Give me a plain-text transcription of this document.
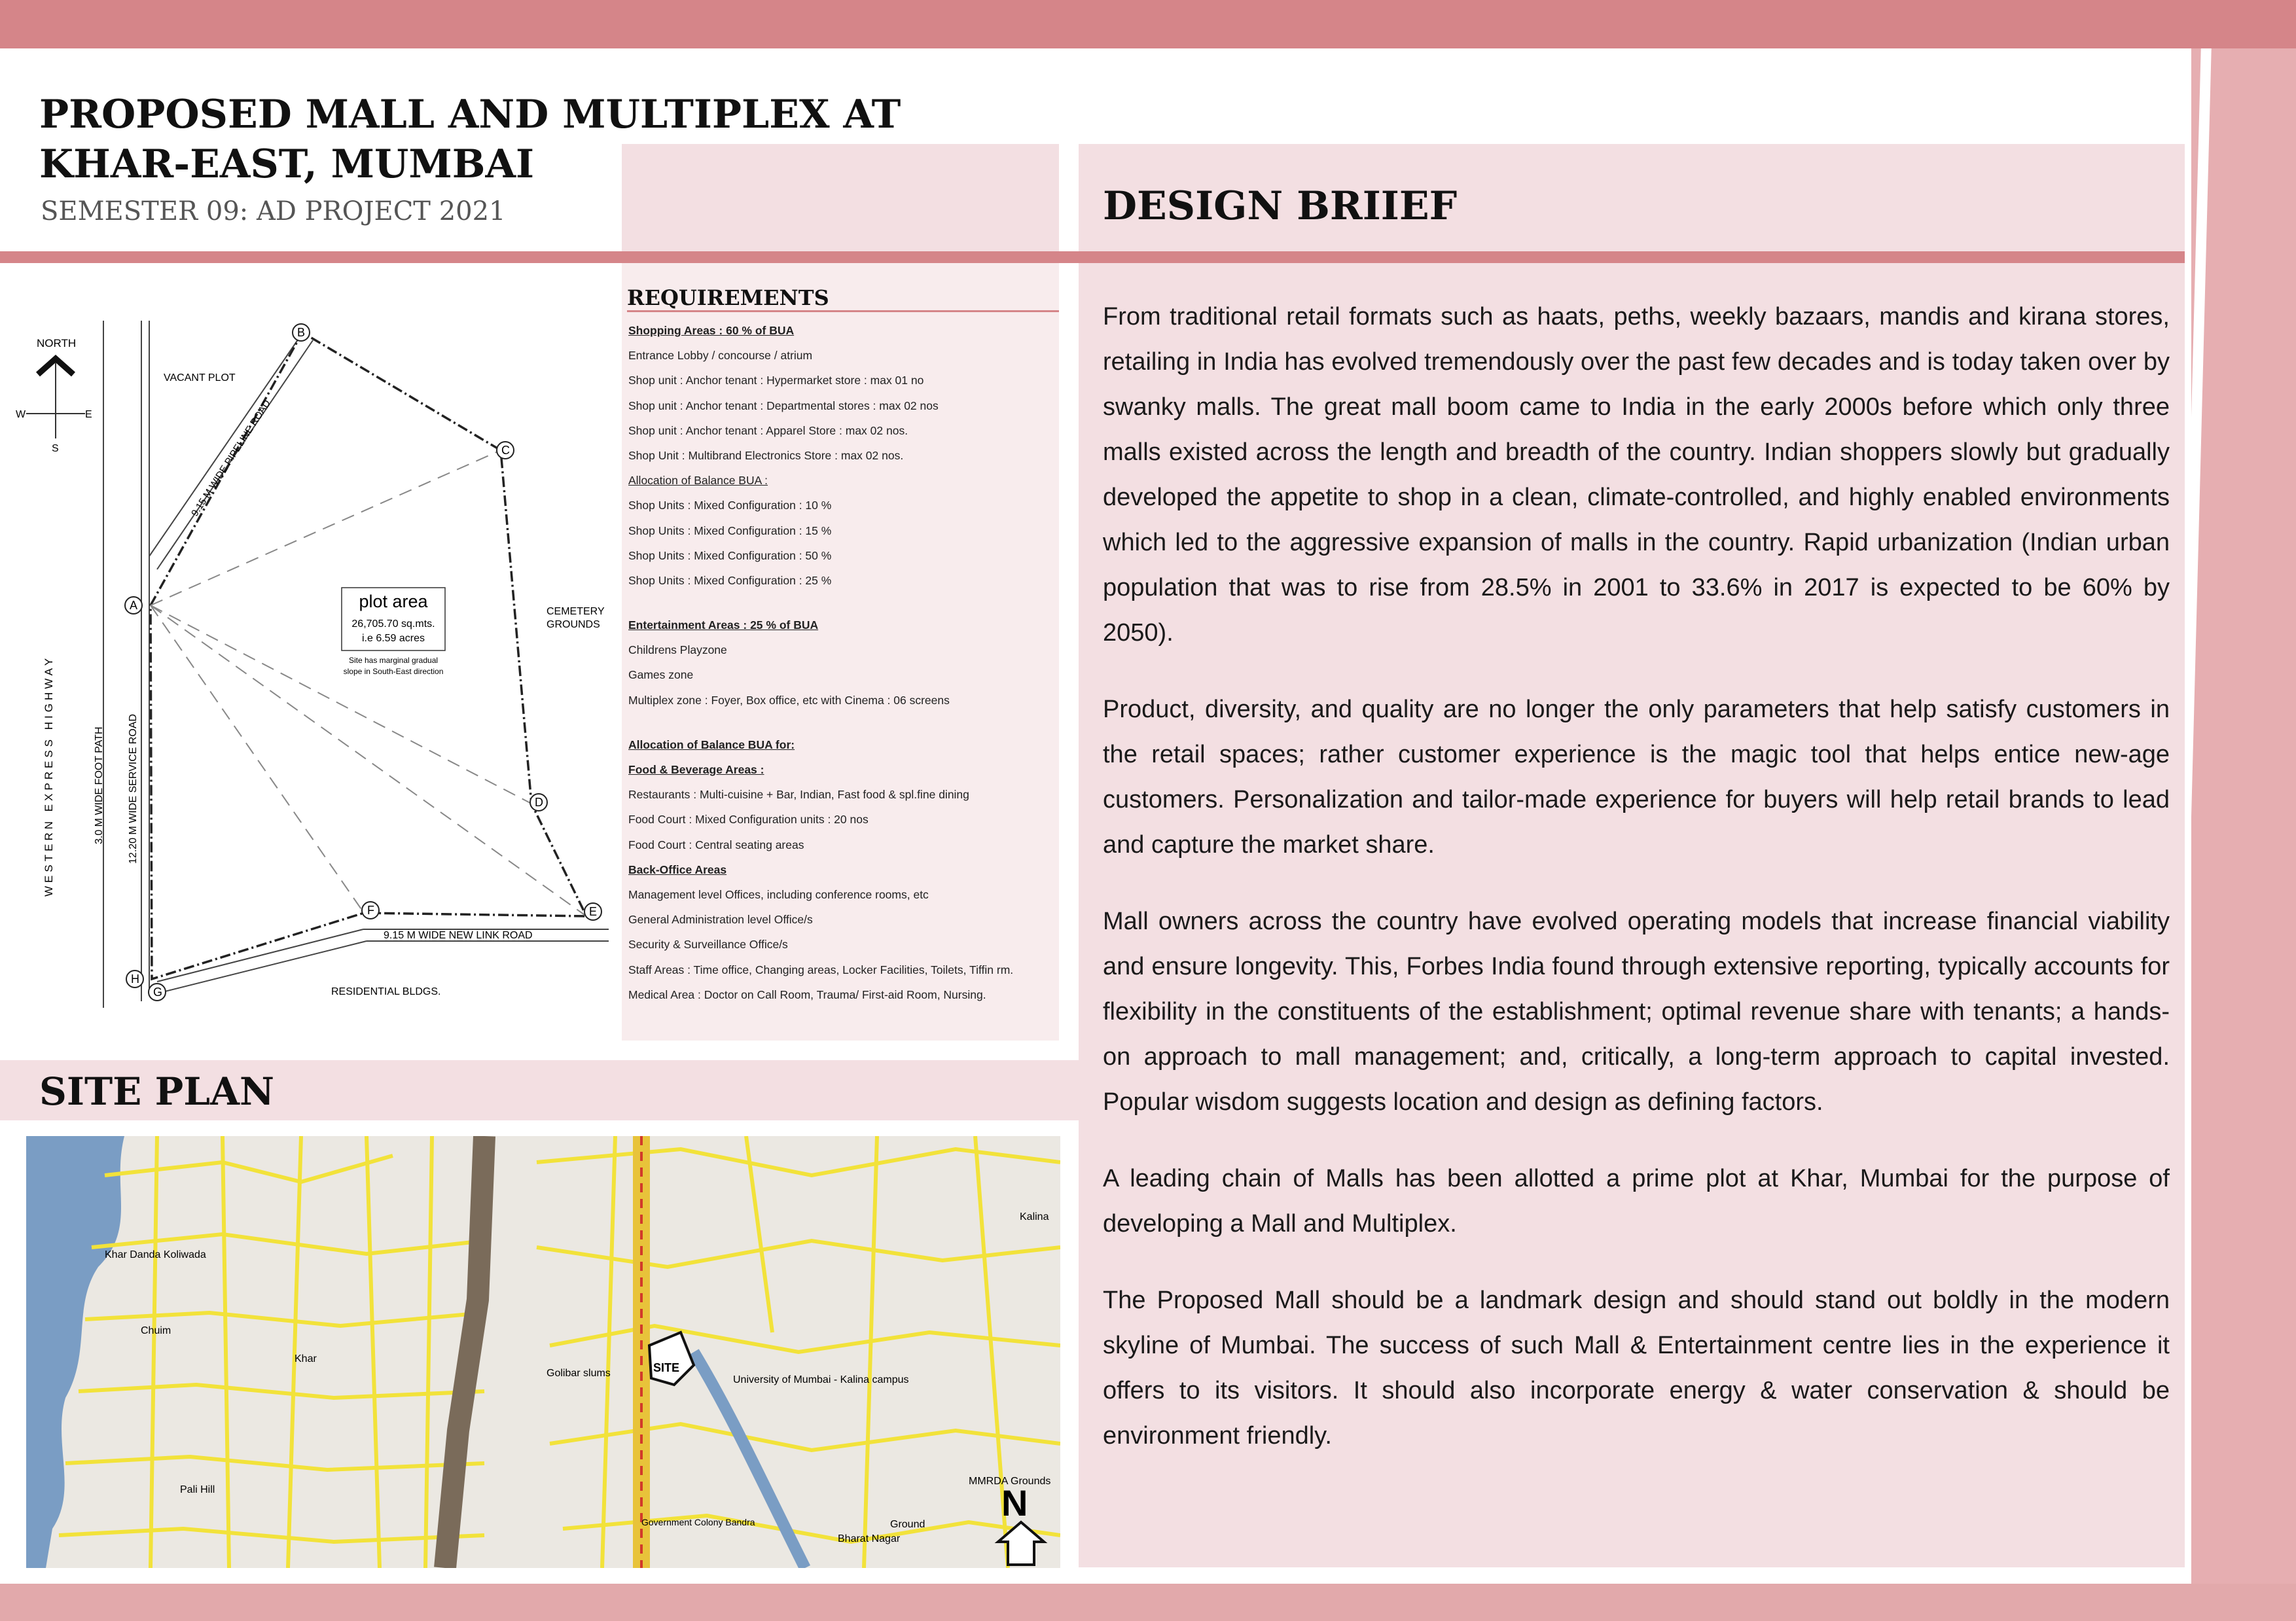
PROPOSED MALL AND MULTIPLEX AT
KHAR-EAST, MUMBAI
SEMESTER 09: AD PROJECT 2021	DESIGN BRIIEF

From traditional retail formats such as haats, peths, weekly bazaars, mandis and kirana stores, retailing in India has evolved tremendously over the past few decades and is today taken over by swanky malls. The great mall boom came to India in the early 2000s before which only three malls existed across the length and breadth of the country. Indian shoppers slowly but gradually developed the appetite to shop in a clean, climate-controlled, and highly enabled environments which led to the aggressive expansion of malls in the country. Rapid urbanization (Indian urban population that was to rise from 28.5% in 2001 to 33.6% in 2017 is expected to be 60% by 2050).

Product, diversity, and quality are no longer the only parameters that help satisfy customers in the retail spaces; rather customer experience is the magic tool that helps entice new-age customers. Personalization and tailor-made experience for buyers will help retail brands to lead and capture the market share.

Mall owners across the country have evolved operating models that increase financial viability and ensure longevity. This, Forbes India found through extensive reporting, typically accounts for flexibility in the constituents of the establishment; optimal revenue share with tenants; a hands-on approach to mall management; and, critically, a long-term approach to capital invested. Popular wisdom suggests location and design as defining factors.

A leading chain of Malls has been allotted a prime plot at Khar, Mumbai for the purpose of developing a Mall and Multiplex.

The Proposed Mall should be a landmark design and should stand out boldly in the modern skyline of Mumbai. The success of such Mall & Entertainment centre lies in the experience it offers to its visitors. It should also incorporate energy & water conservation & should be environment friendly.

REQUIREMENTS
Shopping Areas : 60 % of BUA
Entrance Lobby / concourse / atrium
Shop unit : Anchor tenant : Hypermarket store : max 01 no
Shop unit : Anchor tenant : Departmental stores : max 02 nos
Shop unit : Anchor tenant : Apparel Store : max 02 nos.
Shop Unit : Multibrand Electronics Store : max 02 nos.
Allocation of Balance BUA :
Shop Units : Mixed Configuration : 10 %
Shop Units : Mixed Configuration : 15 %
Shop Units : Mixed Configuration : 50 %
Shop Units : Mixed Configuration : 25 %
Entertainment Areas : 25 % of BUA
Childrens Playzone
Games zone
Multiplex zone : Foyer, Box office, etc with Cinema : 06 screens
Allocation of Balance BUA for:
Food & Beverage Areas :
Restaurants : Multi-cuisine + Bar, Indian, Fast food & spl.fine dining
Food Court : Mixed Configuration units : 20 nos
Food Court : Central seating areas
Back-Office Areas
Management level Offices, including conference rooms, etc
General Administration level Office/s
Security & Surveillance Office/s
Staff Areas : Time office, Changing areas, Locker Facilities, Toilets, Tiffin rm.
Medical Area : Doctor on Call Room, Trauma/ First-aid Room, Nursing.
NORTH
W	E
S
A
B
C
D
E
F
G
H
VACANT PLOT
9.15 M WIDE PIPELINE ROAD
plot area
26,705.70 sq.mts.
i.e 6.59 acres
Site has marginal gradual
slope in South-East direction
CEMETERY
GROUNDS
WESTERN EXPRESS HIGHWAY	3.0 M WIDE FOOT PATH 12.20 M WIDE SERVICE ROAD
9.15 M WIDE NEW LINK ROAD
RESIDENTIAL BLDGS.
SITE PLAN
SITE
Khar Danda Koliwada
Chuim
Khar
Pali Hill
Golibar slums
University of Mumbai - Kalina campus
Kalina
MMRDA Grounds
Government Colony Bandra	Ground
Bharat Nagar
N
